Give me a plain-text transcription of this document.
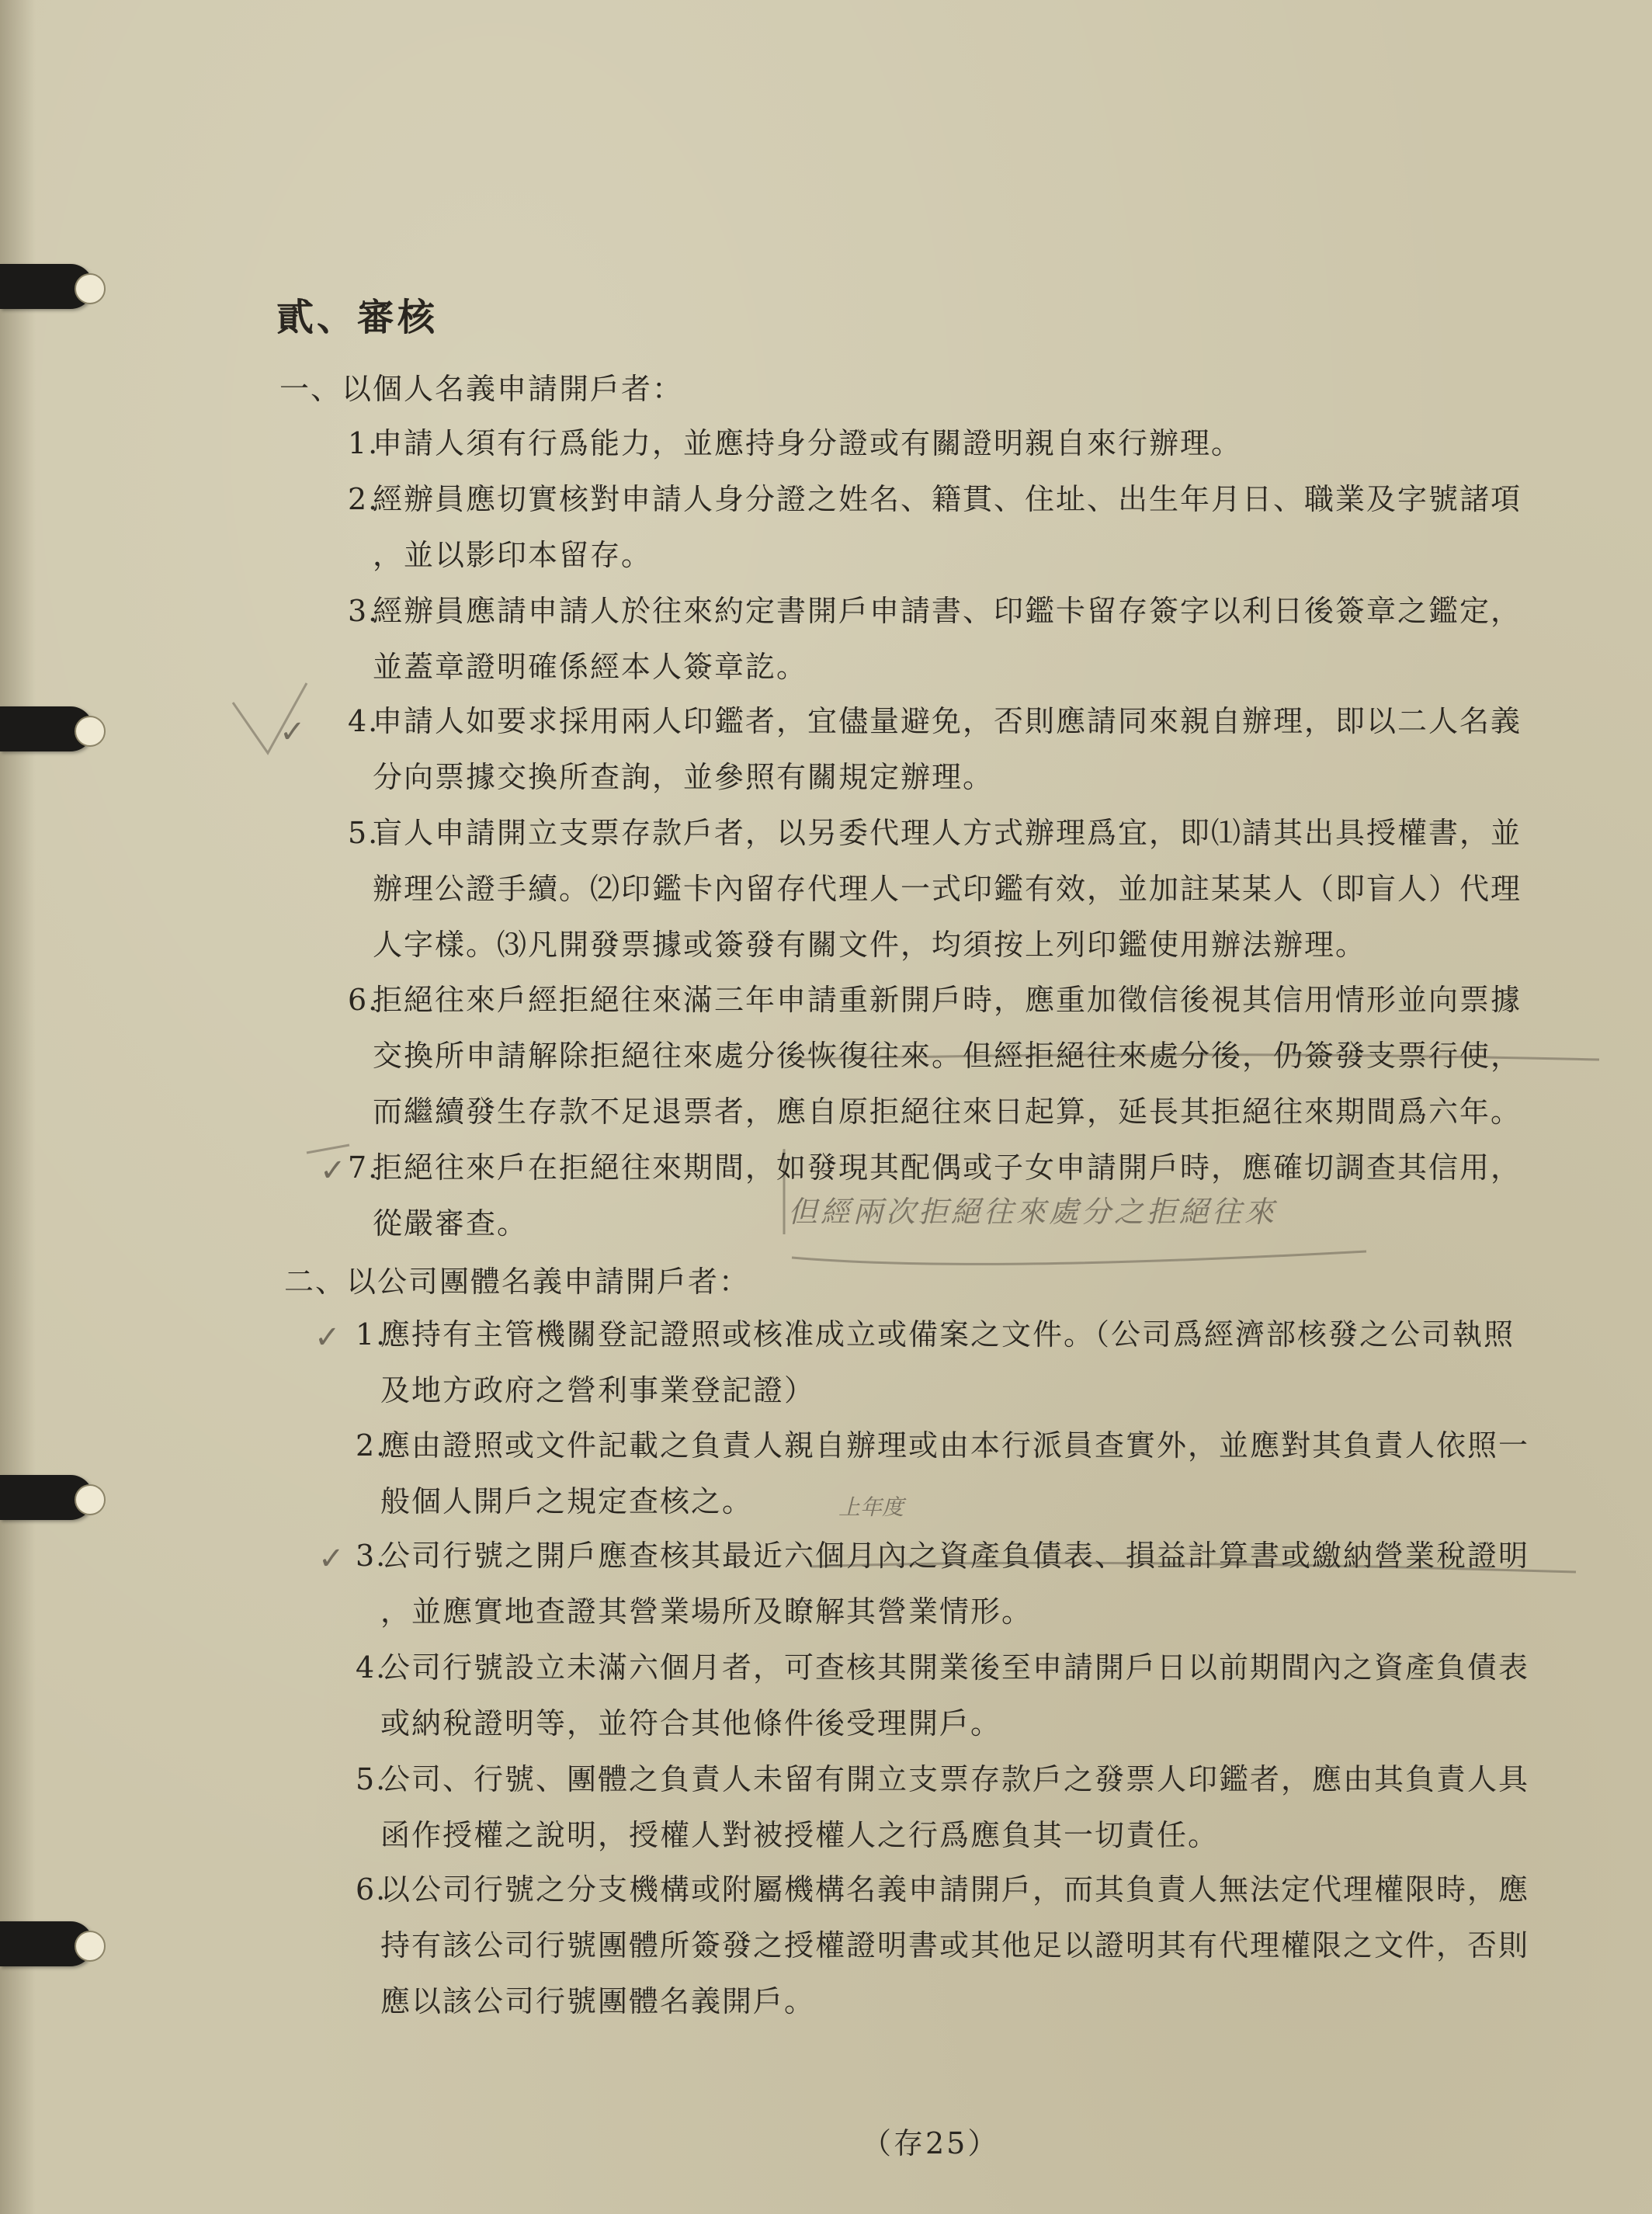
✓
✓
✓
✓
貳、審核
一、以個人名義申請開戶者：
1.申請人須有行爲能力，並應持身分證或有關證明親自來行辦理。
2.經辦員應切實核對申請人身分證之姓名、籍貫、住址、出生年月日、職業及字號諸項
，並以影印本留存。
3.經辦員應請申請人於往來約定書開戶申請書、印鑑卡留存簽字以利日後簽章之鑑定，
並蓋章證明確係經本人簽章訖。
4.申請人如要求採用兩人印鑑者，宜儘量避免，否則應請同來親自辦理，即以二人名義
分向票據交換所查詢，並參照有關規定辦理。
5.盲人申請開立支票存款戶者，以另委代理人方式辦理爲宜，即⑴請其出具授權書，並
辦理公證手續。⑵印鑑卡內留存代理人一式印鑑有效，並加註某某人（即盲人）代理
人字樣。⑶凡開發票據或簽發有關文件，均須按上列印鑑使用辦法辦理。
6.拒絕往來戶經拒絕往來滿三年申請重新開戶時，應重加徵信後視其信用情形並向票據
交換所申請解除拒絕往來處分後恢復往來。但經拒絕往來處分後，仍簽發支票行使，
而繼續發生存款不足退票者，應自原拒絕往來日起算，延長其拒絕往來期間爲六年。
7.拒絕往來戶在拒絕往來期間，如發現其配偶或子女申請開戶時，應確切調查其信用，
從嚴審查。	但經兩次拒絕往來處分之拒絕往來
二、以公司團體名義申請開戶者：
1.應持有主管機關登記證照或核准成立或備案之文件。（公司爲經濟部核發之公司執照
及地方政府之營利事業登記證）
2.應由證照或文件記載之負責人親自辦理或由本行派員查實外，並應對其負責人依照一
般個人開戶之規定查核之。	上年度
3.公司行號之開戶應查核其最近六個月內之資產負債表、損益計算書或繳納營業稅證明
，並應實地查證其營業場所及瞭解其營業情形。
4.公司行號設立未滿六個月者，可查核其開業後至申請開戶日以前期間內之資產負債表
或納稅證明等，並符合其他條件後受理開戶。
5.公司、行號、團體之負責人未留有開立支票存款戶之發票人印鑑者，應由其負責人具
函作授權之說明，授權人對被授權人之行爲應負其一切責任。
6.以公司行號之分支機構或附屬機構名義申請開戶，而其負責人無法定代理權限時，應
持有該公司行號團體所簽發之授權證明書或其他足以證明其有代理權限之文件，否則
應以該公司行號團體名義開戶。
（存25）
